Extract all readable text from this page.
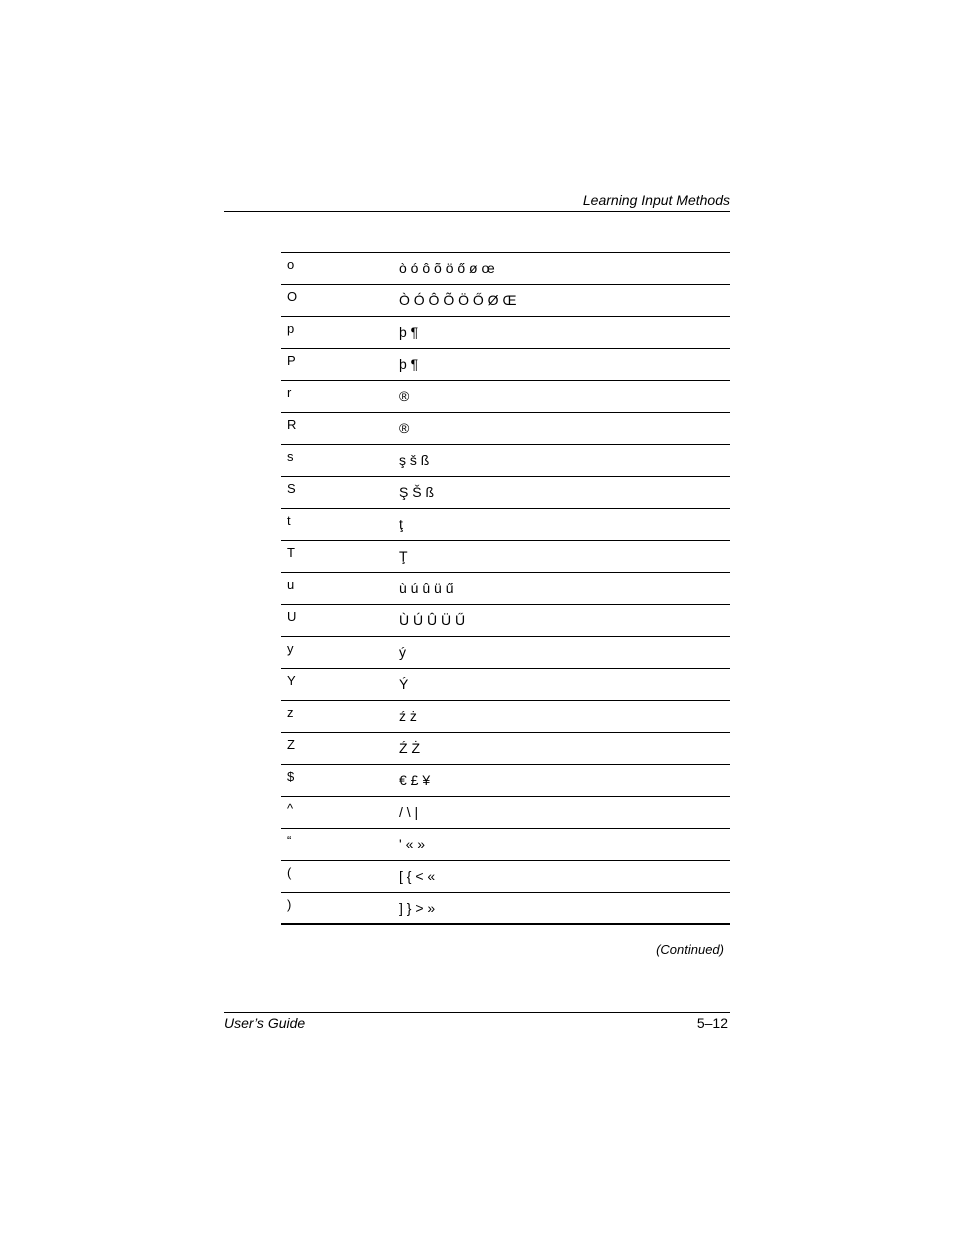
Learning Input Methods
o	ò ó ô õ ö ő ø œ
O	Ò Ó Ô Õ Ö Ő Ø Œ
p	þ ¶
P	þ ¶
r	®
R	®
s	ş š ß
S	Ş Š ß
t	ţ
T	Ţ
u	ù ú û ü ű
U	Ù Ú Û Ü Ű
y	ý
Y	Ý
z	ź ż
Z	Ź Ż
$	€ £ ¥
^	/ \ |
“	' « »
(	[ { < «
)	] } > »
(Continued)
User’s Guide	5–12
